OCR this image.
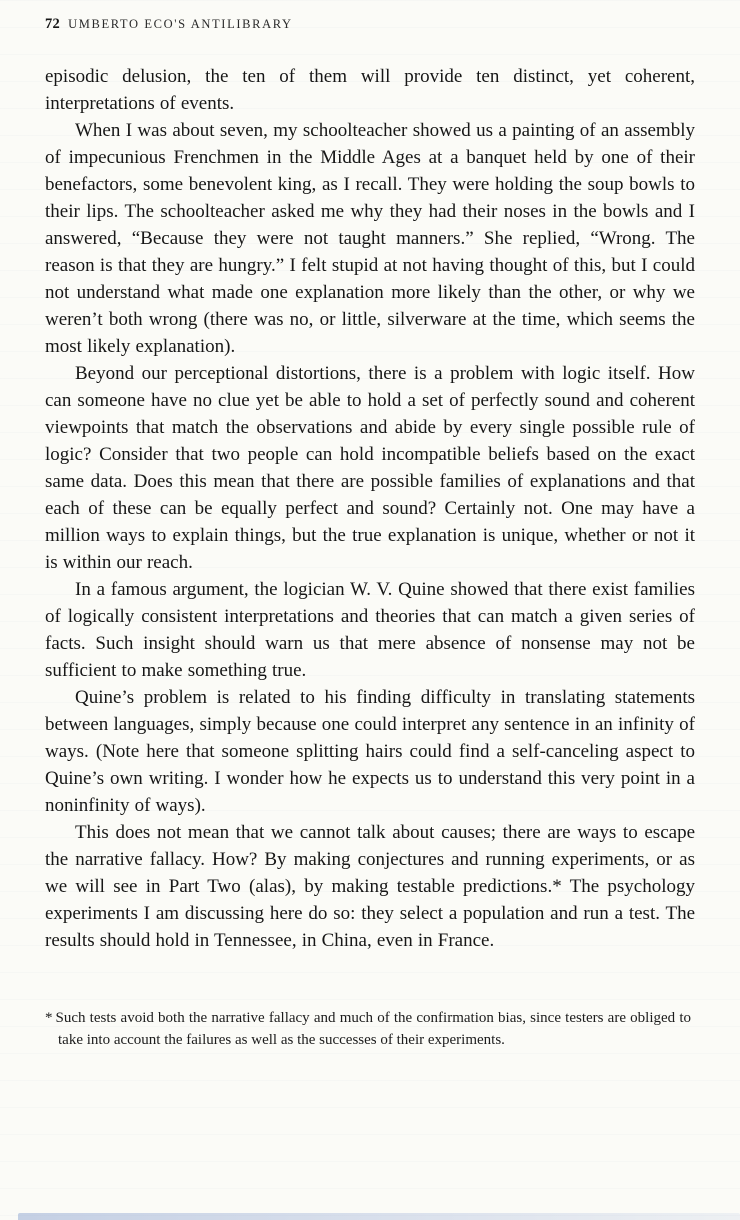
72 UMBERTO ECO'S ANTILIBRARY

episodic delusion, the ten of them will provide ten distinct, yet coherent, interpretations of events.

When I was about seven, my schoolteacher showed us a painting of an assembly of impecunious Frenchmen in the Middle Ages at a banquet held by one of their benefactors, some benevolent king, as I recall. They were holding the soup bowls to their lips. The schoolteacher asked me why they had their noses in the bowls and I answered, “Because they were not taught manners.” She replied, “Wrong. The reason is that they are hungry.” I felt stupid at not having thought of this, but I could not understand what made one explanation more likely than the other, or why we weren’t both wrong (there was no, or little, silverware at the time, which seems the most likely explanation).

Beyond our perceptional distortions, there is a problem with logic itself. How can someone have no clue yet be able to hold a set of perfectly sound and coherent viewpoints that match the observations and abide by every single possible rule of logic? Consider that two people can hold incompatible beliefs based on the exact same data. Does this mean that there are possible families of explanations and that each of these can be equally perfect and sound? Certainly not. One may have a million ways to explain things, but the true explanation is unique, whether or not it is within our reach.

In a famous argument, the logician W. V. Quine showed that there exist families of logically consistent interpretations and theories that can match a given series of facts. Such insight should warn us that mere absence of nonsense may not be sufficient to make something true.

Quine’s problem is related to his finding difficulty in translating statements between languages, simply because one could interpret any sentence in an infinity of ways. (Note here that someone splitting hairs could find a self-canceling aspect to Quine’s own writing. I wonder how he expects us to understand this very point in a noninfinity of ways).

This does not mean that we cannot talk about causes; there are ways to escape the narrative fallacy. How? By making conjectures and running experiments, or as we will see in Part Two (alas), by making testable predictions.* The psychology experiments I am discussing here do so: they select a population and run a test. The results should hold in Tennessee, in China, even in France.

* Such tests avoid both the narrative fallacy and much of the confirmation bias, since testers are obliged to take into account the failures as well as the successes of their experiments.
